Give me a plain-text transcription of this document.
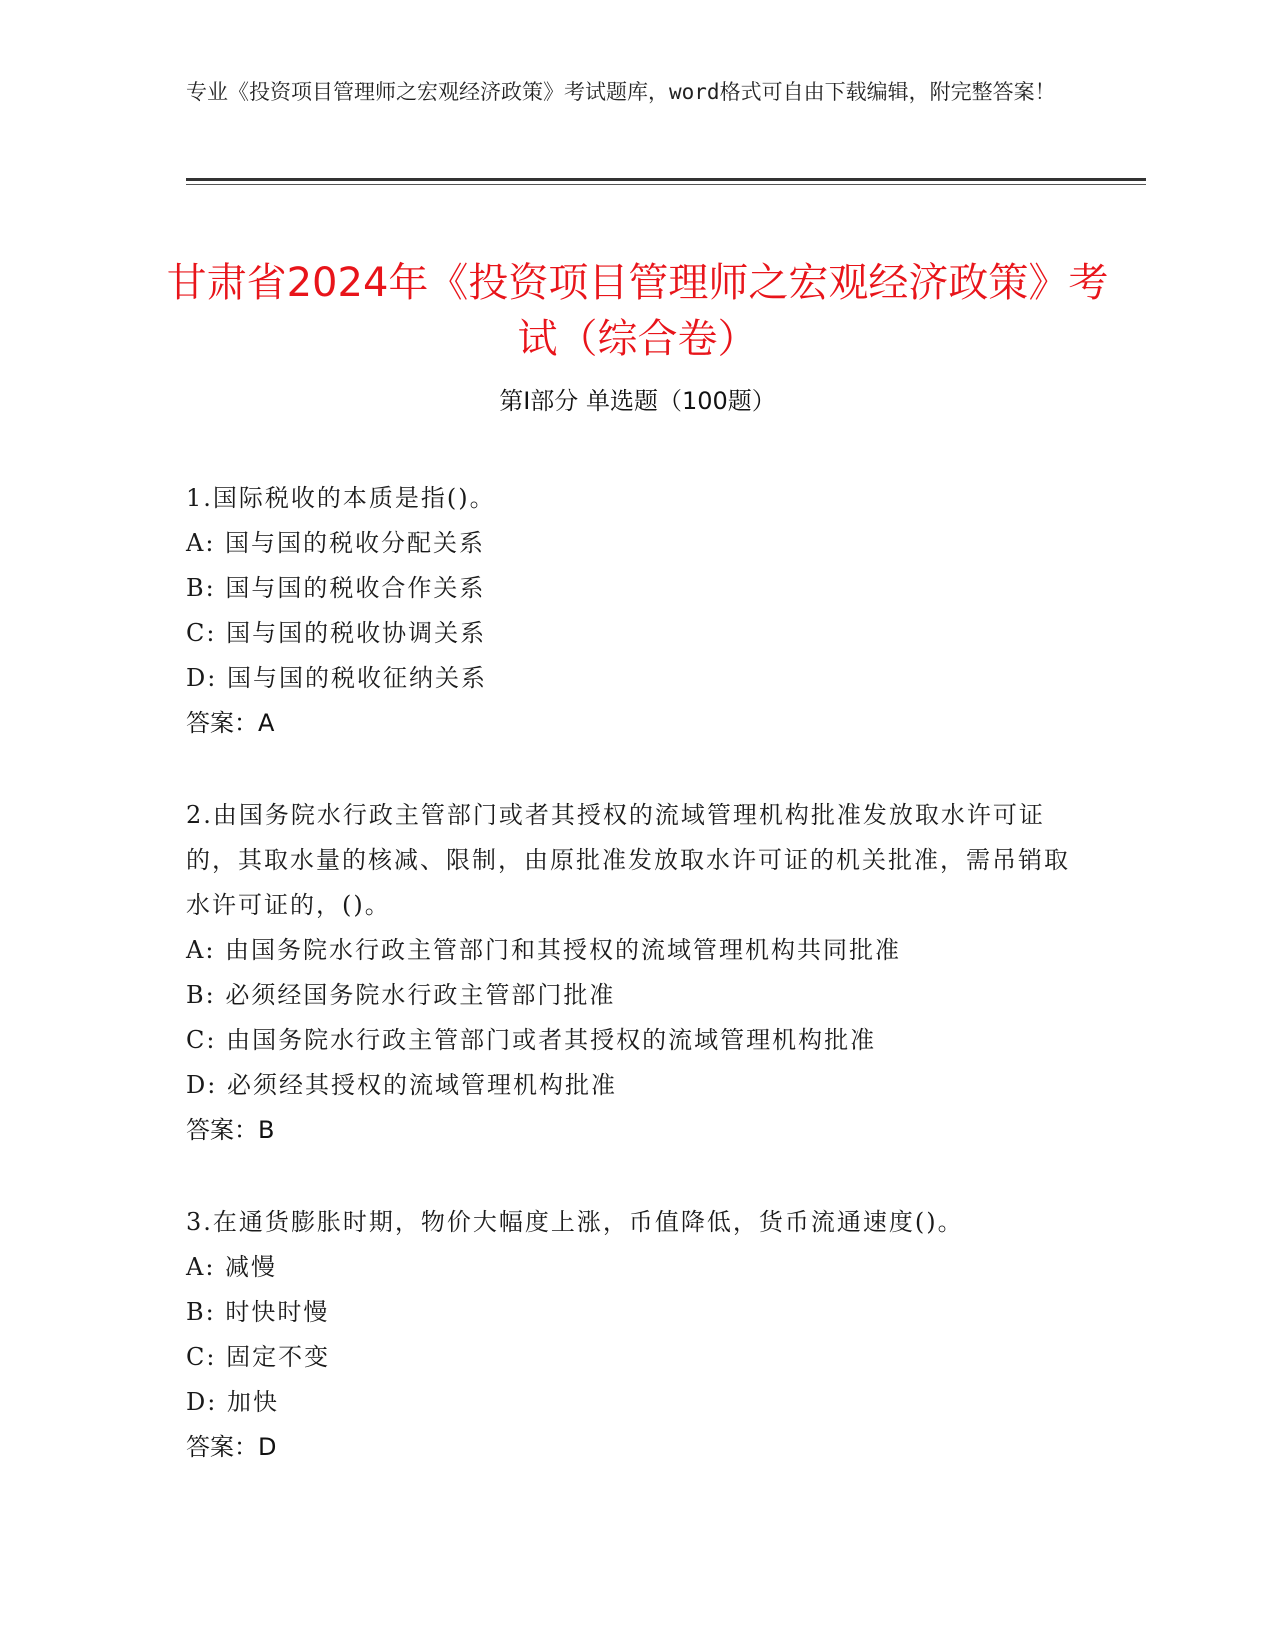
专业《投资项目管理师之宏观经济政策》考试题库，word格式可自由下载编辑，附完整答案！
甘肃省2024年《投资项目管理师之宏观经济政策》考试（综合卷）
第I部分 单选题（100题）
1.国际税收的本质是指()。
A: 国与国的税收分配关系
B: 国与国的税收合作关系
C: 国与国的税收协调关系
D: 国与国的税收征纳关系
答案：A
2.由国务院水行政主管部门或者其授权的流域管理机构批准发放取水许可证的，其取水量的核减、限制，由原批准发放取水许可证的机关批准，需吊销取水许可证的，()。
A: 由国务院水行政主管部门和其授权的流域管理机构共同批准
B: 必须经国务院水行政主管部门批准
C: 由国务院水行政主管部门或者其授权的流域管理机构批准
D: 必须经其授权的流域管理机构批准
答案：B
3.在通货膨胀时期，物价大幅度上涨，币值降低，货币流通速度()。
A: 减慢
B: 时快时慢
C: 固定不变
D: 加快
答案：D
